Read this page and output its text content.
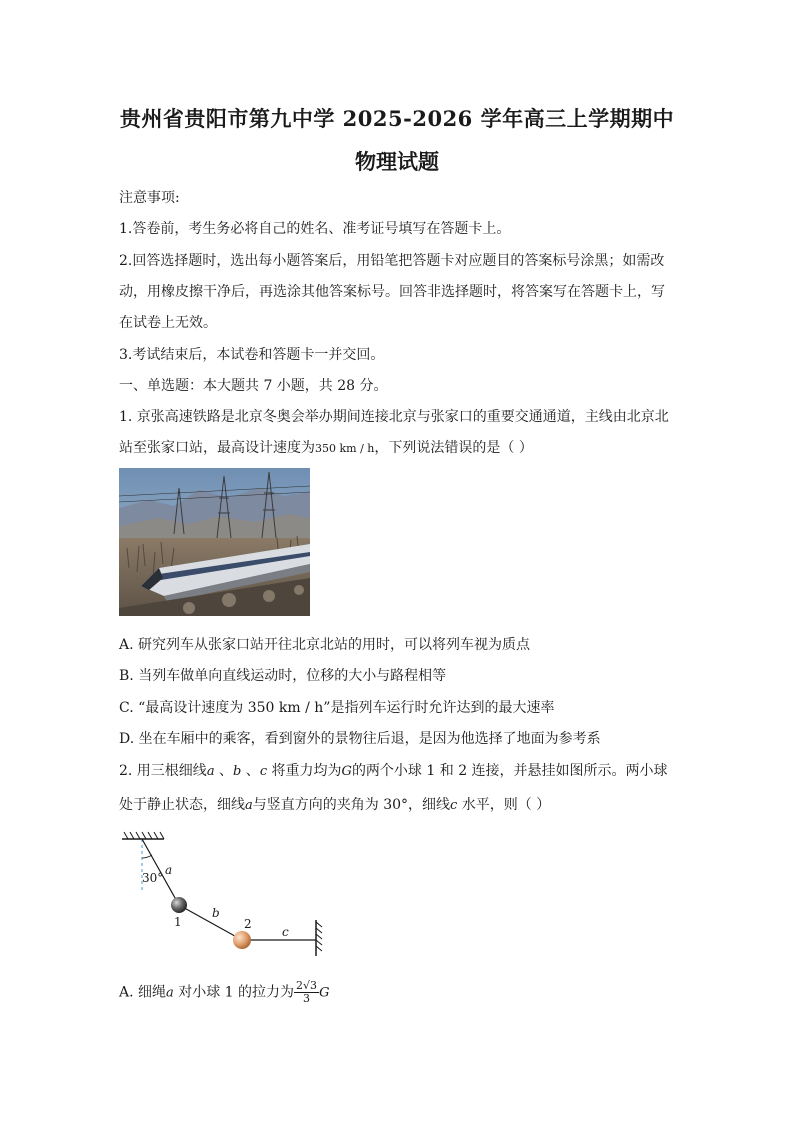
贵州省贵阳市第九中学 2025-2026 学年高三上学期期中
物理试题
注意事项:
1.答卷前，考生务必将自己的姓名、准考证号填写在答题卡上。
2.回答选择题时，选出每小题答案后，用铅笔把答题卡对应题目的答案标号涂黑；如需改
动，用橡皮擦干净后，再选涂其他答案标号。回答非选择题时，将答案写在答题卡上，写
在试卷上无效。
3.考试结束后，本试卷和答题卡一并交回。
一、单选题：本大题共 7 小题，共 28 分。
1. 京张高速铁路是北京冬奥会举办期间连接北京与张家口的重要交通通道，主线由北京北
站至张家口站，最高设计速度为350 km / h，下列说法错误的是（ ）
A. 研究列车从张家口站开往北京北站的用时，可以将列车视为质点
B. 当列车做单向直线运动时，位移的大小与路程相等
C. “最高设计速度为 350 km / h”是指列车运行时允许达到的最大速率
D. 坐在车厢中的乘客，看到窗外的景物往后退，是因为他选择了地面为参考系
2. 用三根细线a 、b 、c 将重力均为G的两个小球 1 和 2 连接，并悬挂如图所示。两小球
处于静止状态，细线a与竖直方向的夹角为 30°，细线c 水平，则（ ）
30°
a
b
c
1	2
A. 细绳a 对小球 1 的拉力为 $\frac{2√3}{3}$ G
